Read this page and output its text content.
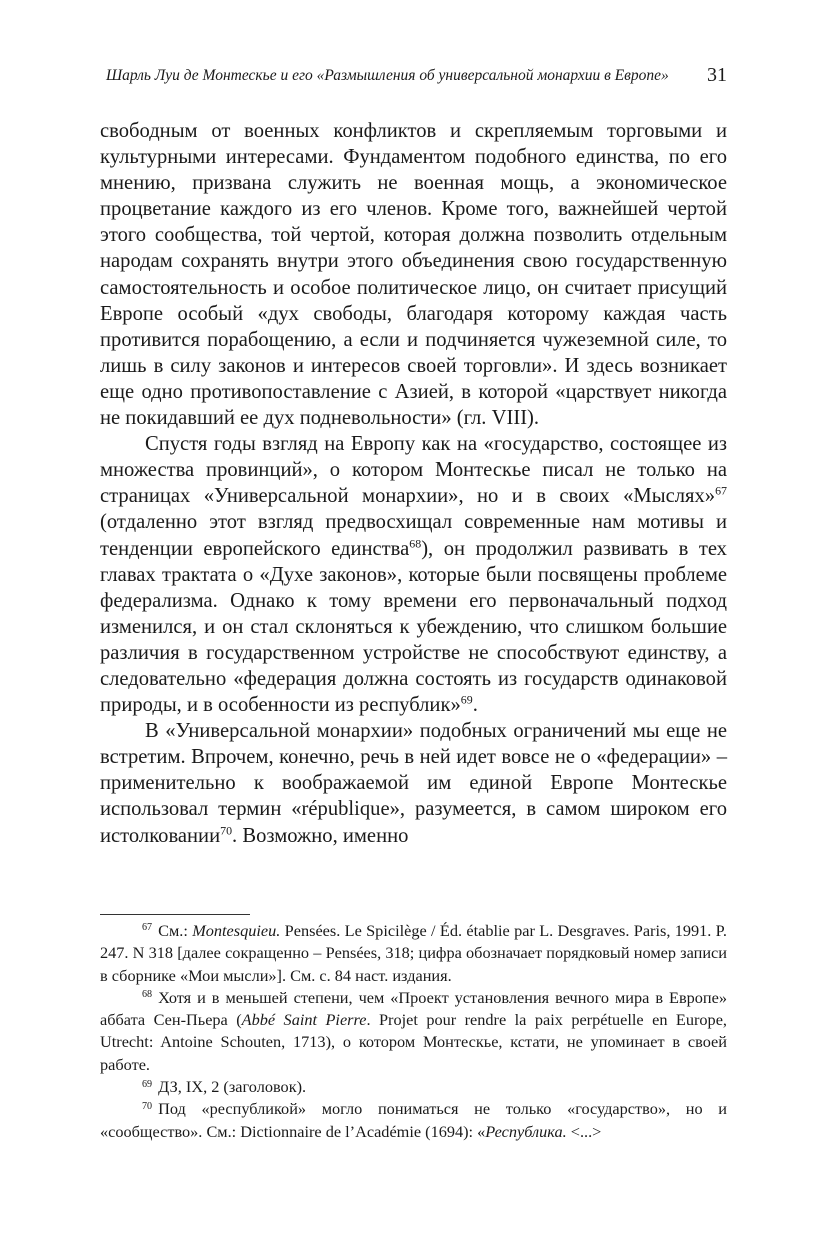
Шарль Луи де Монтескье и его «Размышления об универсальной монархии в Европе» 31

свободным от военных конфликтов и скрепляемым торговыми и культурными интересами. Фундаментом подобного единства, по его мнению, призвана служить не военная мощь, а экономическое процветание каждого из его членов. Кроме того, важнейшей чертой этого сообщества, той чертой, которая должна позволить отдельным народам сохранять внутри этого объединения свою государственную самостоятельность и особое политическое лицо, он считает присущий Европе особый «дух свободы, благодаря которому каждая часть противится порабощению, а если и подчиняется чужеземной силе, то лишь в силу законов и интересов своей торговли». И здесь возникает еще одно противопоставление с Азией, в которой «царствует никогда не покидавший ее дух подневольности» (гл. VIII).

Спустя годы взгляд на Европу как на «государство, состоящее из множества провинций», о котором Монтескье писал не только на страницах «Универсальной монархии», но и в своих «Мыслях»$^{67}$ (отдаленно этот взгляд предвосхищал современные нам мотивы и тенденции европейского единства$^{68}$), он продолжил развивать в тех главах трактата о «Духе законов», которые были посвящены проблеме федерализма. Однако к тому времени его первоначальный подход изменился, и он стал склоняться к убеждению, что слишком большие различия в государственном устройстве не способствуют единству, а следовательно «федерация должна состоять из государств одинаковой природы, и в особенности из республик»$^{69}$.

В «Универсальной монархии» подобных ограничений мы еще не встретим. Впрочем, конечно, речь в ней идет вовсе не о «федерации» – применительно к воображаемой им единой Европе Монтескье использовал термин «république», разумеется, в самом широком его истолковании$^{70}$. Возможно, именно

$^{67}$ См.: Montesquieu. Pensées. Le Spicilège / Éd. établie par L. Desgraves. Paris, 1991. P. 247. N 318 [далее сокращенно – Pensées, 318; цифра обозначает порядковый номер записи в сборнике «Мои мысли»]. См. с. 84 наст. издания.

$^{68}$ Хотя и в меньшей степени, чем «Проект установления вечного мира в Европе» аббата Сен-Пьера (Abbé Saint Pierre. Projet pour rendre la paix perpétuelle en Europe, Utrecht: Antoine Schouten, 1713), о котором Монтескье, кстати, не упоминает в своей работе.

$^{69}$ ДЗ, IX, 2 (заголовок).

$^{70}$ Под «республикой» могло пониматься не только «государство», но и «сообщество». См.: Dictionnaire de l’Académie (1694): «Республика. <...>
